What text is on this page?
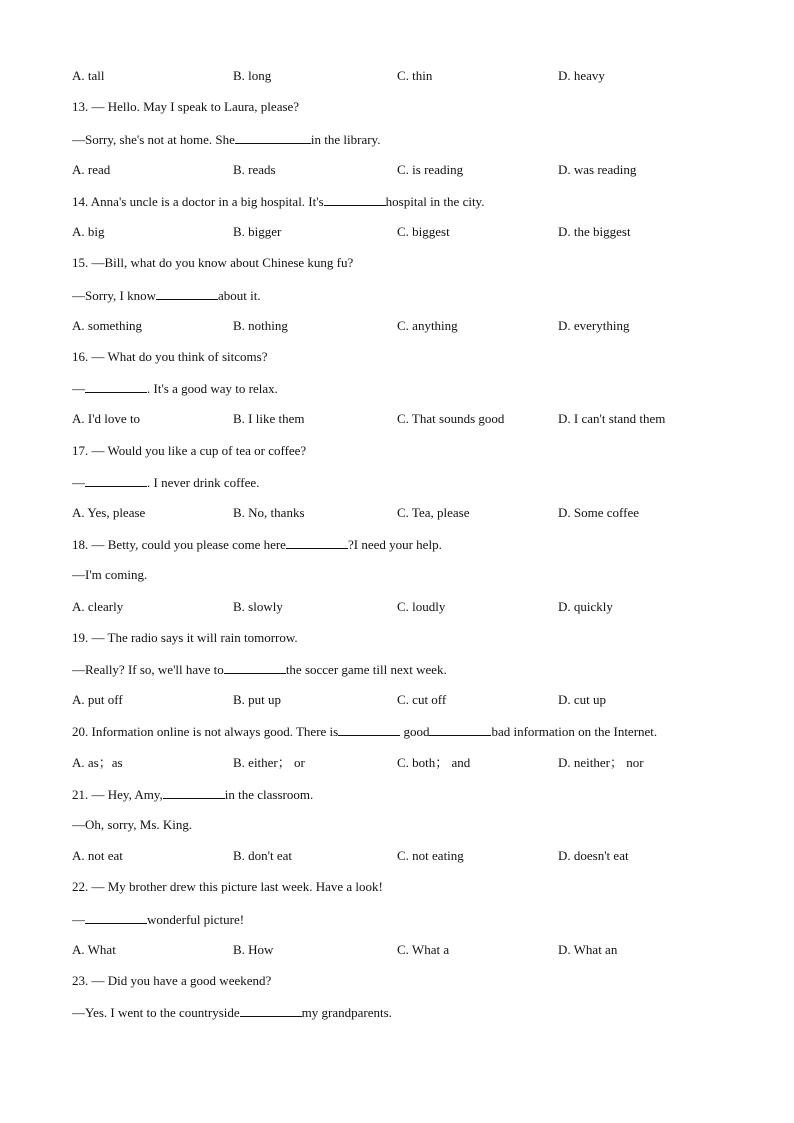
A. tall	B. long	C. thin	D. heavy
13. — Hello. May I speak to Laura, please?
—Sorry, she's not at home. She	in the library.
A. read	B. reads	C. is reading	D. was reading
14. Anna's uncle is a doctor in a big hospital. It's	hospital in the city.
A. big	B. bigger	C. biggest	D. the biggest
15. —Bill, what do you know about Chinese kung fu?
—Sorry, I know	about it.
A. something	B. nothing	C. anything	D. everything
16. — What do you think of sitcoms?
—	. It's a good way to relax.
A. I'd love to	B. I like them	C. That sounds good	D. I can't stand them
17. — Would you like a cup of tea or coffee?
—	. I never drink coffee.
A. Yes, please	B. No, thanks	C. Tea, please	D. Some coffee
18. — Betty, could you please come here	?I need your help.
—I'm coming.
A. clearly	B. slowly	C. loudly	D. quickly
19. — The radio says it will rain tomorrow.
—Really? If so, we'll have to	the soccer game till next week.
A. put off	B. put up	C. cut off	D. cut up
20. Information online is not always good. There is	good	bad information on the Internet.
A. as；as	B. either； or	C. both； and	D. neither； nor
21. — Hey, Amy,	in the classroom.
—Oh, sorry, Ms. King.
A. not eat	B. don't eat	C. not eating	D. doesn't eat
22. — My brother drew this picture last week. Have a look!
—	wonderful picture!
A. What	B. How	C. What a	D. What an
23. — Did you have a good weekend?
—Yes. I went to the countryside	my grandparents.
